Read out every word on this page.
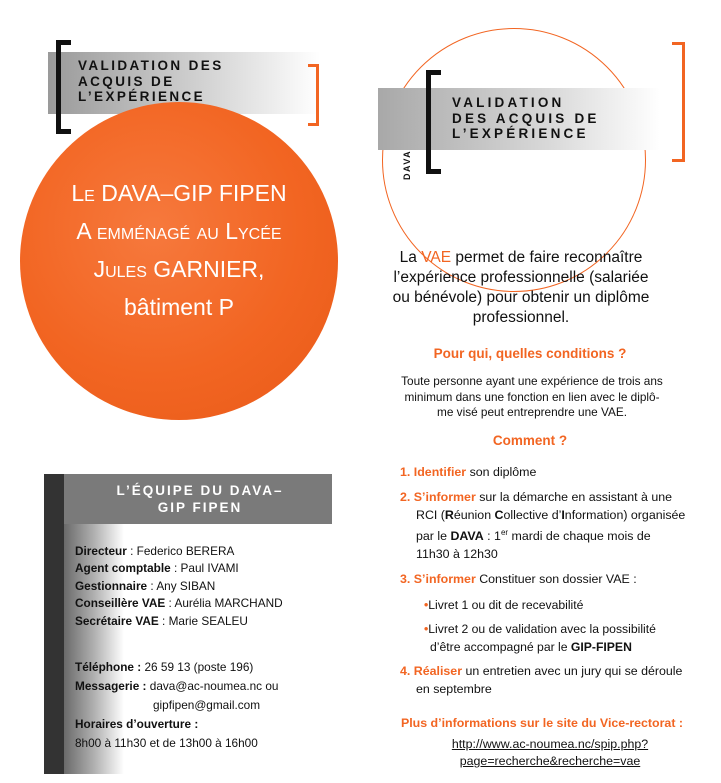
VALIDATION DES
ACQUIS DE
L’EXPÉRIENCE
Le DAVA–GIP FIPEN
A emménagé au Lycée
Jules GARNIER,
bâtiment P
VALIDATION
DES ACQUIS DE
L’EXPÉRIENCE
DAVA
La VAE permet de faire reconnaître l’expérience professionnelle (salariée ou bénévole) pour obtenir un diplôme professionnel.
Pour qui, quelles conditions ?
Toute personne ayant une expérience de trois ans minimum dans une fonction en lien avec le diplô- me visé peut entreprendre une VAE.
Comment ?
1. Identifier son diplôme
2. S’informer sur la démarche en assistant à une
RCI (Réunion Collective d’Information) organisée
par le DAVA : 1er mardi de chaque mois de
11h30 à 12h30
3. S’informer Constituer son dossier VAE :
•Livret 1 ou dit de recevabilité
•Livret 2 ou de validation avec la possibilité
d’être accompagné par le GIP-FIPEN
4. Réaliser un entretien avec un jury qui se déroule
en septembre
Plus d’informations sur le site du Vice-rectorat :
http://www.ac-noumea.nc/spip.php?
page=recherche&recherche=vae
L’ÉQUIPE DU DAVA–
GIP FIPEN
Directeur : Federico BERERA
Agent comptable : Paul IVAMI
Gestionnaire : Any SIBAN
Conseillère VAE : Aurélia MARCHAND
Secrétaire VAE : Marie SEALEU
Téléphone : 26 59 13 (poste 196)
Messagerie : dava@ac-noumea.nc ou
gipfipen@gmail.com
Horaires d’ouverture :
8h00 à 11h30 et de 13h00 à 16h00
